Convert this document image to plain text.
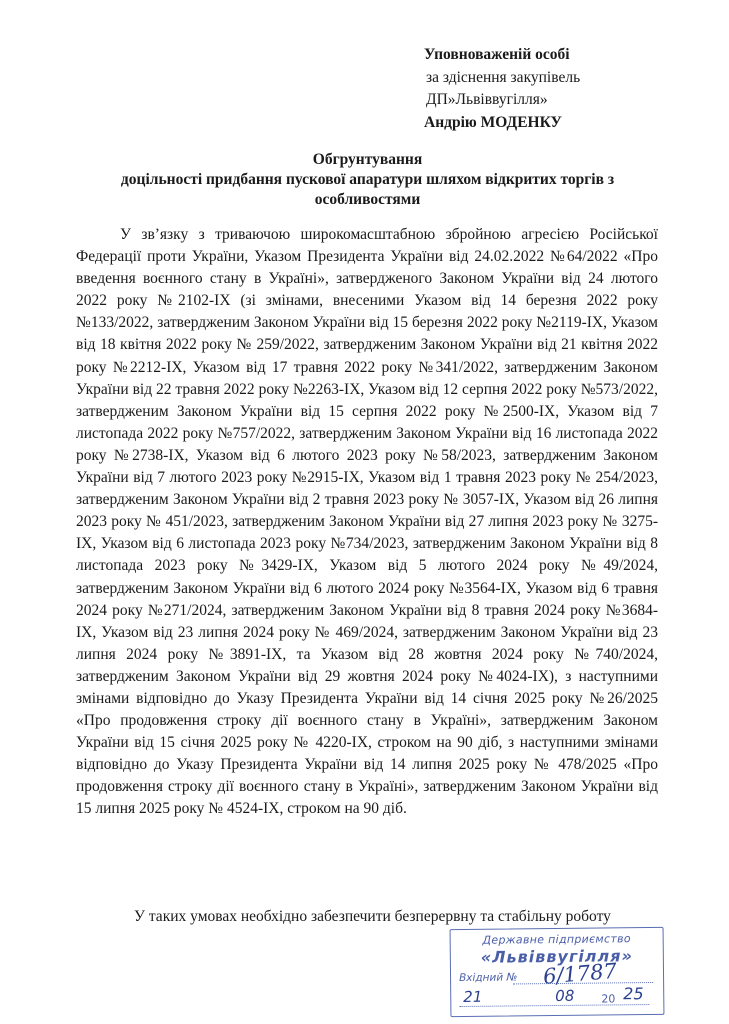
Уповноваженій особі
за здіснення закупівель
ДП»Львіввугілля»
Андрію МОДЕНКУ
Обгрунтування
доцільності придбання пускової апаратури шляхом відкритих торгів з особливостями

У зв’язку з триваючою широкомасштабною збройною агресією Російської Федерації проти України, Указом Президента України від 24.02.2022 №64/2022 «Про введення воєнного стану в Україні», затвердженого Законом України від 24 лютого 2022 року №2102-IX (зі змінами, внесеними Указом від 14 березня 2022 року №133/2022, затвердженим Законом України від 15 березня 2022 року №2119-IX, Указом від 18 квітня 2022 року № 259/2022, затвердженим Законом України від 21 квітня 2022 року №2212-IX, Указом від 17 травня 2022 року №341/2022, затвердженим Законом України від 22 травня 2022 року №2263-IX, Указом від 12 серпня 2022 року №573/2022, затвердженим Законом України від 15 серпня 2022 року №2500-IX, Указом від 7 листопада 2022 року №757/2022, затвердженим Законом України від 16 листопада 2022 року №2738-IX, Указом від 6 лютого 2023 року №58/2023, затвердженим Законом України від 7 лютого 2023 року №2915-IX, Указом від 1 травня 2023 року № 254/2023, затвердженим Законом України від 2 травня 2023 року № 3057-IX, Указом від 26 липня 2023 року № 451/2023, затвердженим Законом України від 27 липня 2023 року № 3275-IX, Указом від 6 листопада 2023 року №734/2023, затвердженим Законом України від 8 листопада 2023 року №3429-IX, Указом від 5 лютого 2024 року №49/2024, затвердженим Законом України від 6 лютого 2024 року №3564-IX, Указом від 6 травня 2024 року №271/2024, затвердженим Законом України від 8 травня 2024 року №3684-IX, Указом від 23 липня 2024 року № 469/2024, затвердженим Законом України від 23 липня 2024 року №3891-IX, та Указом від 28 жовтня 2024 року №740/2024, затвердженим Законом України від 29 жовтня 2024 року №4024-IX), з наступними змінами відповідно до Указу Президента України від 14 січня 2025 року №26/2025 «Про продовження строку дії воєнного стану в Україні», затвердженим Законом України від 15 січня 2025 року № 4220-IX, строком на 90 діб, з наступними змінами відповідно до Указу Президента України від 14 липня 2025 року № 478/2025 «Про продовження строку дії воєнного стану в Україні», затвердженим Законом України від 15 липня 2025 року № 4524-IX, строком на 90 діб.

У таких умовах необхідно забезпечити безперервну та стабільну роботу

Державне підприємство
«Львіввугілля»
Вхідний № 6/1787
21	08 20 25
